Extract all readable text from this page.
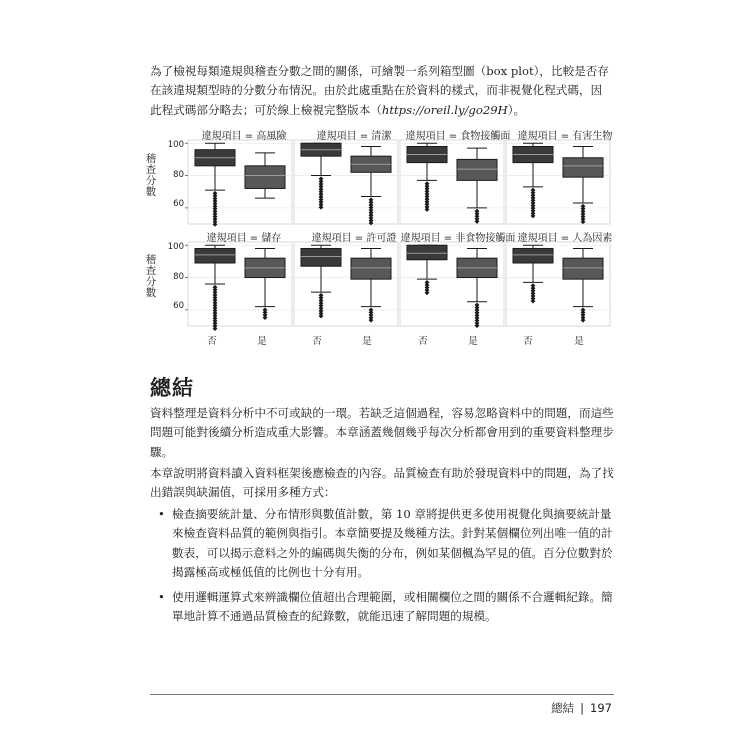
為了檢視每類違規與稽查分數之間的關係，可繪製一系列箱型圖（box plot），比較是否存
在該違規類型時的分數分布情況。由於此處重點在於資料的樣式，而非視覺化程式碼，因
此程式碼部分略去；可於線上檢視完整版本（https://oreil.ly/go29H）。

稽查分數
稽查分數
違規項目 = 高風險	違規項目 = 清潔	違規項目 = 食物接觸面 違規項目 = 有害生物
違規項目 = 儲存	違規項目 = 許可證 違規項目 = 非食物接觸面 違規項目 = 人為因素
100
80
60
100
80
60
否	是	否	是	否	是	否	是
總結

資料整理是資料分析中不可或缺的一環。若缺乏這個過程，容易忽略資料中的問題，而這些問題可能對後續分析造成重大影響。本章涵蓋幾個幾乎每次分析都會用到的重要資料整理步驟。

本章說明將資料讀入資料框架後應檢查的內容。品質檢查有助於發現資料中的問題，為了找出錯誤與缺漏值，可採用多種方式：

• 檢查摘要統計量、分布情形與數值計數，第 10 章將提供更多使用視覺化與摘要統計量來檢查資料品質的範例與指引。本章簡要提及幾種方法。針對某個欄位列出唯一值的計數表，可以揭示意料之外的編碼與失衡的分布，例如某個楓為罕見的值。百分位數對於揭露極高或極低值的比例也十分有用。
• 使用邏輯運算式來辨識欄位值超出合理範圍，或相關欄位之間的關係不合邏輯紀錄。簡單地計算不通過品質檢查的紀錄數，就能迅速了解問題的規模。
總結 | 197
